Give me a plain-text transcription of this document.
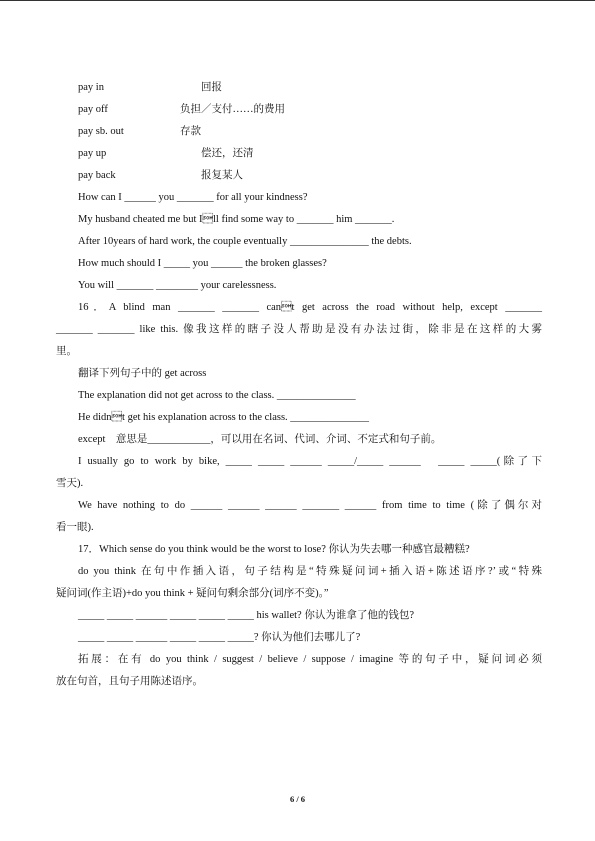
pay in	回报
pay off	负担／支付……的费用
pay sb. out	存款
pay up	偿还，还清
pay back	报复某人
How can I ______ you _______ for all your kindness?
My husband cheated me but Ill find some way to _______ him _______.
After 10years of hard work, the couple eventually _______________ the debts.
How much should I _____ you ______ the broken glasses?
You will _______ ________ your carelessness.
16．A blind man _______ _______ cant get across the road without help, except _______
_______ _______ like this. 像我这样的瞎子没人帮助是没有办法过街，除非是在这样的大雾
里。
翻译下列句子中的 get across
The explanation did not get across to the class. _______________
He didnt get his explanation across to the class. _______________
except　意思是____________，可以用在名词、代词、介词、不定式和句子前。
I usually go to work by bike, _____ _____ ______ _____/_____ ______　_____ _____(除了下
雪天).
We have nothing to do ______ ______ ______ _______ ______ from time to time (除了偶尔对
看一眼).
17．Which sense do you think would be the worst to lose? 你认为失去哪一种感官最糟糕?
do you think 在句中作插入语，句子结构是“特殊疑问词+插入语+陈述语序?’或“特殊
疑问词(作主语)+do you think + 疑问句剩余部分(词序不变)。”
_____ _____ ______ _____ _____ _____ his wallet? 你认为谁拿了他的钱包?
_____ _____ ______ _____ _____ _____? 你认为他们去哪儿了?
拓展：在有 do you think / suggest / believe / suppose / imagine 等的句子中，疑问词必须
放在句首，且句子用陈述语序。
6 / 6
